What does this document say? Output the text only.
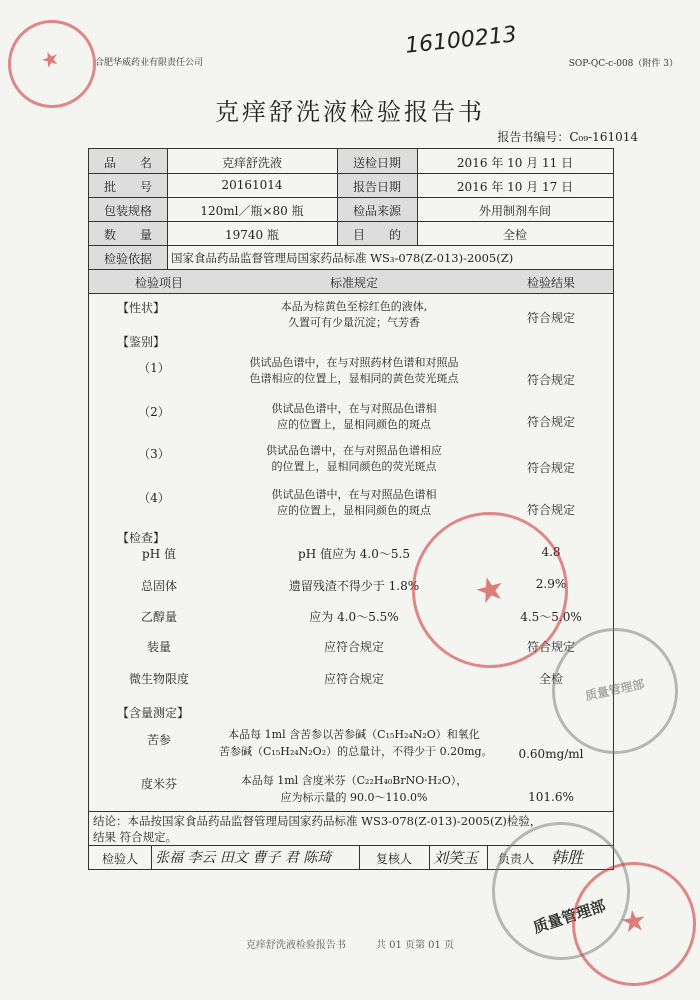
★	合肥华威药业有限责任公司	SOP-QC-c-008（附件 3）
16100213
克痒舒洗液检验报告书
报告书编号：C₀₉-161014
品　　名	克痒舒洗液	送检日期	2016 年 10 月 11 日
批　　号	20161014	报告日期	2016 年 10 月 17 日
包装规格	120ml／瓶×80 瓶	检品来源	外用制剂车间
数　　量	19740 瓶	目　　的	全检
检验依据	国家食品药品监督管理局国家药品标准 WS₃-078(Z-013)-2005(Z)
检验项目	标准规定	检验结果
【性状】	本品为棕黄色至棕红色的液体,
久置可有少量沉淀；气芳香	符合规定
【鉴别】
（1）	供试品色谱中，在与对照药材色谱和对照品
色谱相应的位置上，显相同的黄色荧光斑点	符合规定
（2）	供试品色谱中，在与对照品色谱相
应的位置上，显相同颜色的斑点	符合规定
（3）	供试品色谱中，在与对照品色谱相应
的位置上，显相同颜色的荧光斑点	符合规定
（4）	供试品色谱中，在与对照品色谱相
应的位置上，显相同颜色的斑点	符合规定
【检查】
pH 值	pH 值应为 4.0～5.5	4.8
总固体	遗留残渣不得少于 1.8%	2.9%
乙醇量	应为 4.0～5.5%	4.5～5.0%
装量	应符合规定	符合规定
微生物限度	应符合规定	全检
【含量测定】
苦参	本品每 1ml 含苦参以苦参碱（C₁₅H₂₄N₂O）和氧化
苦参碱（C₁₅H₂₄N₂O₂）的总量计，不得少于 0.20mg。	0.60mg/ml
度米芬	本品每 1ml 含度米芬（C₂₂H₄₀BrNO·H₂O），
应为标示量的 90.0～110.0%	101.6%
结论：本品按国家食品药品监督管理局国家药品标准 WS3-078(Z-013)-2005(Z)检验，
结果 符合规定。
检验人	张福 李云 田文 曹子 君 陈琦	复核人	刘笑玉	负责人	韩胜
★
质量管理部
质量管理部 ★
克痒舒洗液检验报告书　　　共 01 页第 01 页
